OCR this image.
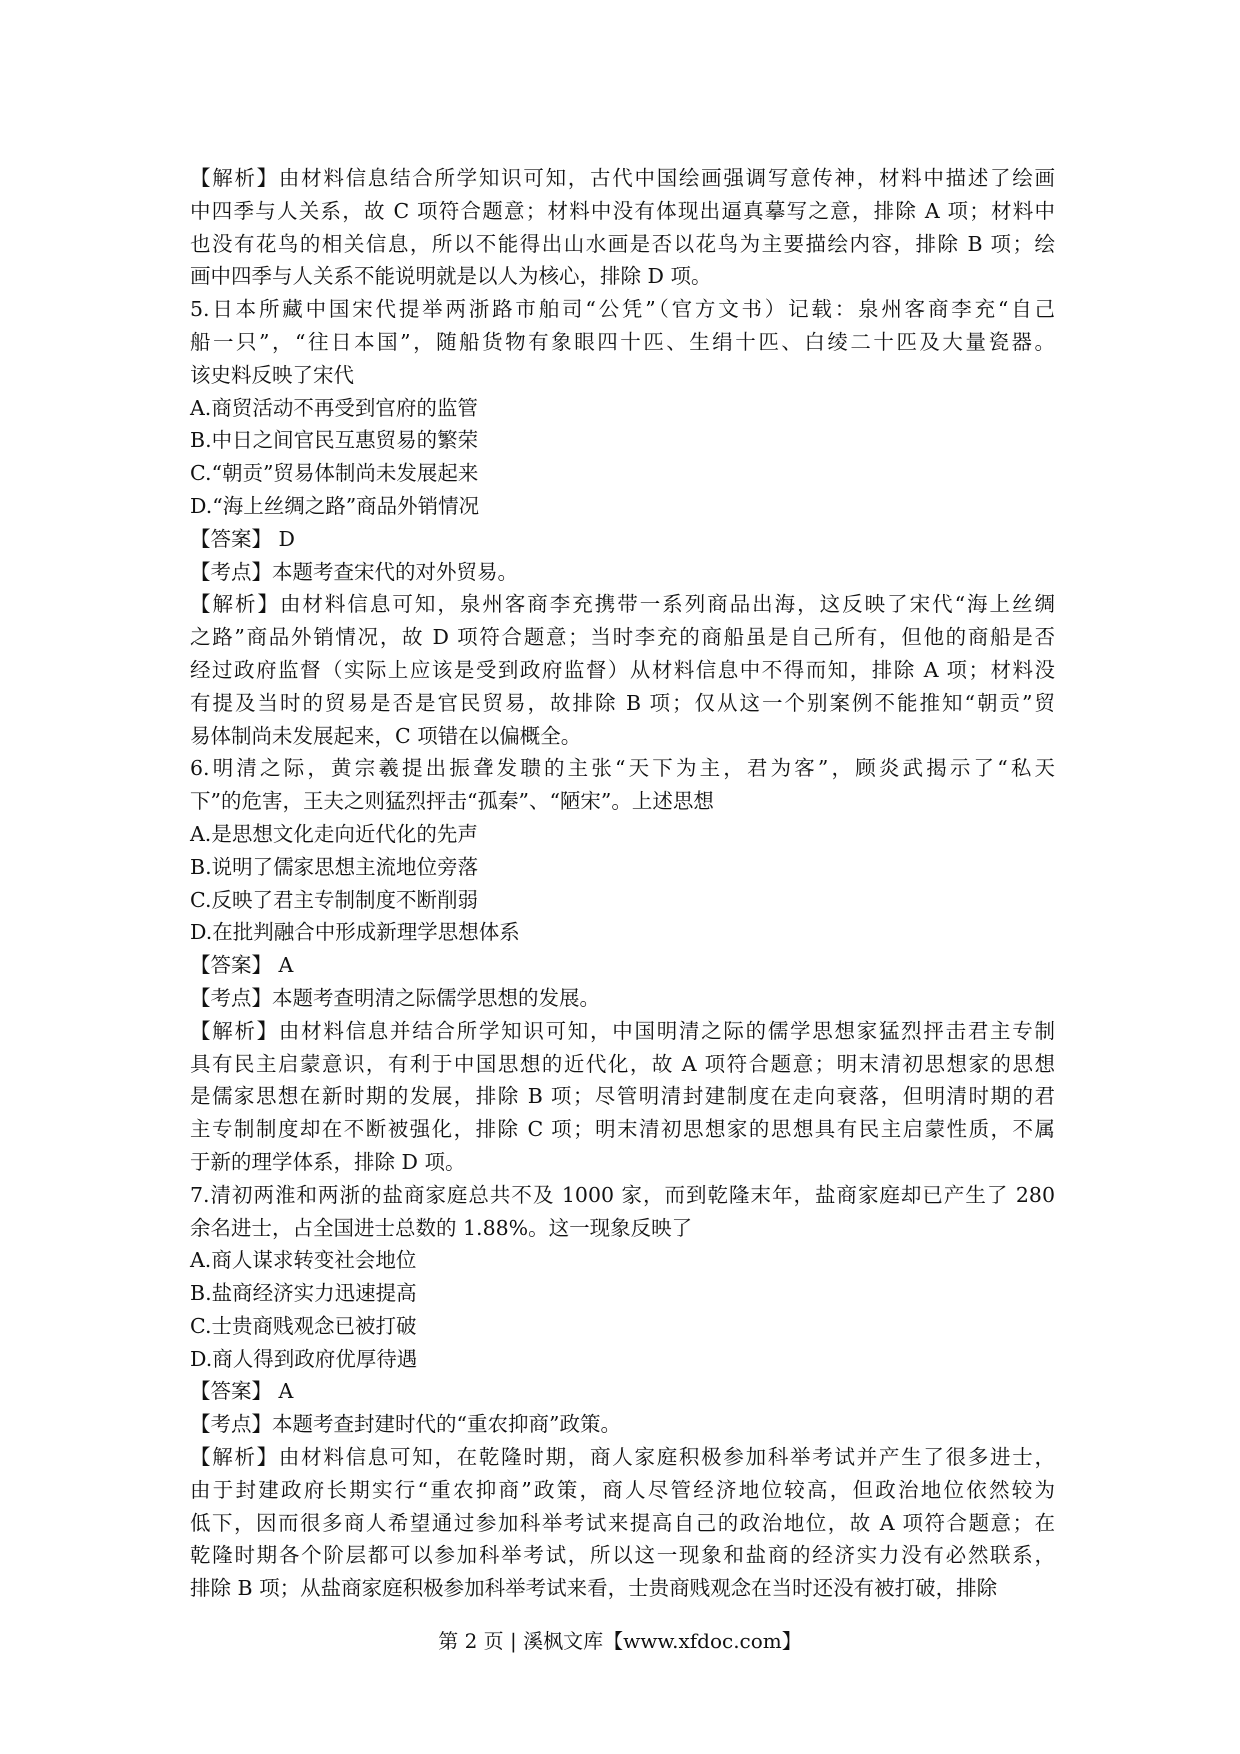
【解析】由材料信息结合所学知识可知，古代中国绘画强调写意传神，材料中描述了绘画
中四季与人关系，故 C 项符合题意；材料中没有体现出逼真摹写之意，排除 A 项；材料中
也没有花鸟的相关信息，所以不能得出山水画是否以花鸟为主要描绘内容，排除 B 项；绘
画中四季与人关系不能说明就是以人为核心，排除 D 项。
5.日本所藏中国宋代提举两浙路市舶司“公凭”（官方文书）记载：泉州客商李充“自己
船一只”，“往日本国”，随船货物有象眼四十匹、生绢十匹、白绫二十匹及大量瓷器。
该史料反映了宋代
A.商贸活动不再受到官府的监管
B.中日之间官民互惠贸易的繁荣
C.“朝贡”贸易体制尚未发展起来
D.“海上丝绸之路”商品外销情况
【答案】 D
【考点】本题考查宋代的对外贸易。
【解析】由材料信息可知，泉州客商李充携带一系列商品出海，这反映了宋代“海上丝绸
之路”商品外销情况，故 D 项符合题意；当时李充的商船虽是自己所有，但他的商船是否
经过政府监督（实际上应该是受到政府监督）从材料信息中不得而知，排除 A 项；材料没
有提及当时的贸易是否是官民贸易，故排除 B 项；仅从这一个别案例不能推知“朝贡”贸
易体制尚未发展起来，C 项错在以偏概全。
6.明清之际，黄宗羲提出振聋发聩的主张“天下为主，君为客”，顾炎武揭示了“私天
下”的危害，王夫之则猛烈抨击“孤秦”、“陋宋”。上述思想
A.是思想文化走向近代化的先声
B.说明了儒家思想主流地位旁落
C.反映了君主专制制度不断削弱
D.在批判融合中形成新理学思想体系
【答案】 A
【考点】本题考查明清之际儒学思想的发展。
【解析】由材料信息并结合所学知识可知，中国明清之际的儒学思想家猛烈抨击君主专制
具有民主启蒙意识，有利于中国思想的近代化，故 A 项符合题意；明末清初思想家的思想
是儒家思想在新时期的发展，排除 B 项；尽管明清封建制度在走向衰落，但明清时期的君
主专制制度却在不断被强化，排除 C 项；明末清初思想家的思想具有民主启蒙性质，不属
于新的理学体系，排除 D 项。
7.清初两淮和两浙的盐商家庭总共不及 1000 家，而到乾隆末年，盐商家庭却已产生了 280
余名进士，占全国进士总数的 1.88%。这一现象反映了
A.商人谋求转变社会地位
B.盐商经济实力迅速提高
C.士贵商贱观念已被打破
D.商人得到政府优厚待遇
【答案】 A
【考点】本题考查封建时代的“重农抑商”政策。
【解析】由材料信息可知，在乾隆时期，商人家庭积极参加科举考试并产生了很多进士，
由于封建政府长期实行“重农抑商”政策，商人尽管经济地位较高，但政治地位依然较为
低下，因而很多商人希望通过参加科举考试来提高自己的政治地位，故 A 项符合题意；在
乾隆时期各个阶层都可以参加科举考试，所以这一现象和盐商的经济实力没有必然联系，
排除 B 项；从盐商家庭积极参加科举考试来看，士贵商贱观念在当时还没有被打破，排除
第 2 页 | 溪枫文库【www.xfdoc.com】
